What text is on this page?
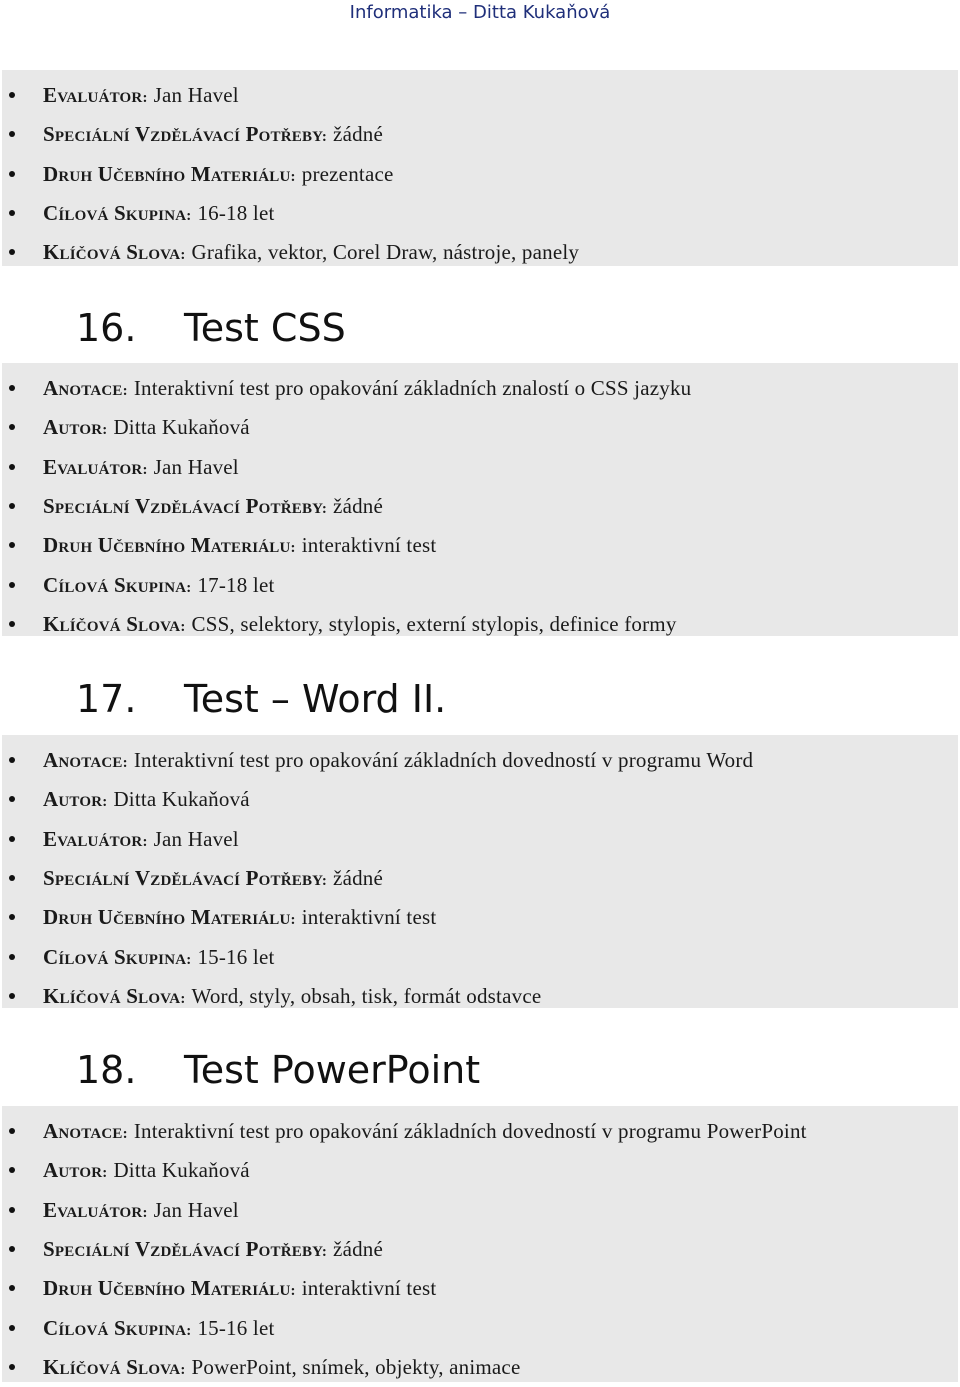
Informatika – Ditta Kukaňová
EVALUÁTOR: Jan Havel
SPECIÁLNÍ VZDĚLÁVACÍ POTŘEBY: žádné
DRUH UČEBNÍHO MATERIÁLU: prezentace
CÍLOVÁ SKUPINA: 16-18 let
KLÍČOVÁ SLOVA: Grafika, vektor, Corel Draw, nástroje, panely
16. Test CSS
ANOTACE: Interaktivní test pro opakování základních znalostí o CSS jazyku
AUTOR: Ditta Kukaňová
EVALUÁTOR: Jan Havel
SPECIÁLNÍ VZDĚLÁVACÍ POTŘEBY: žádné
DRUH UČEBNÍHO MATERIÁLU: interaktivní test
CÍLOVÁ SKUPINA: 17-18 let
KLÍČOVÁ SLOVA: CSS, selektory, stylopis, externí stylopis, definice formy
17. Test – Word II.
ANOTACE: Interaktivní test pro opakování základních dovedností v programu Word
AUTOR: Ditta Kukaňová
EVALUÁTOR: Jan Havel
SPECIÁLNÍ VZDĚLÁVACÍ POTŘEBY: žádné
DRUH UČEBNÍHO MATERIÁLU: interaktivní test
CÍLOVÁ SKUPINA: 15-16 let
KLÍČOVÁ SLOVA: Word, styly, obsah, tisk, formát odstavce
18. Test PowerPoint
ANOTACE: Interaktivní test pro opakování základních dovedností v programu PowerPoint
AUTOR: Ditta Kukaňová
EVALUÁTOR: Jan Havel
SPECIÁLNÍ VZDĚLÁVACÍ POTŘEBY: žádné
DRUH UČEBNÍHO MATERIÁLU: interaktivní test
CÍLOVÁ SKUPINA: 15-16 let
KLÍČOVÁ SLOVA: PowerPoint, snímek, objekty, animace
